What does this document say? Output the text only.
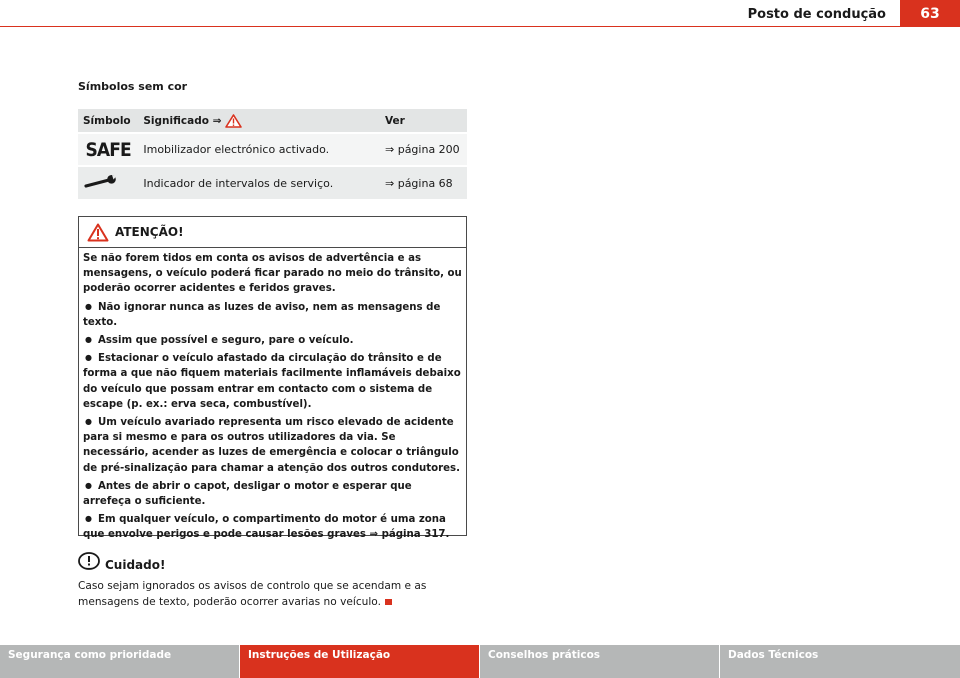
Posto de condução	63
Símbolos sem cor
Símbolo	Significado ⇒	Ver
SAFE	Imobilizador electrónico activado.	⇒ página 200
	Indicador de intervalos de serviço.	⇒ página 68
ATENÇÃO!

Se não forem tidos em conta os avisos de advertência e as mensagens, o veículo poderá ficar parado no meio do trânsito, ou poderão ocorrer acidentes e feridos graves.

● Não ignorar nunca as luzes de aviso, nem as mensagens de texto.

● Assim que possível e seguro, pare o veículo.

● Estacionar o veículo afastado da circulação do trânsito e de forma a que não fiquem materiais facilmente inflamáveis debaixo do veículo que possam entrar em contacto com o sistema de escape (p. ex.: erva seca, combustível).

● Um veículo avariado representa um risco elevado de acidente para si mesmo e para os outros utilizadores da via. Se necessário, acender as luzes de emergência e colocar o triângulo de pré-sinalização para chamar a atenção dos outros condutores.

● Antes de abrir o capot, desligar o motor e esperar que arrefeça o suficiente.

● Em qualquer veículo, o compartimento do motor é uma zona que envolve perigos e pode causar lesões graves ⇒ página 317.

Cuidado!
Caso sejam ignorados os avisos de controlo que se acendam e as mensagens de texto, poderão ocorrer avarias no veículo.
Segurança como prioridade	Instruções de Utilização	Conselhos práticos	Dados Técnicos
